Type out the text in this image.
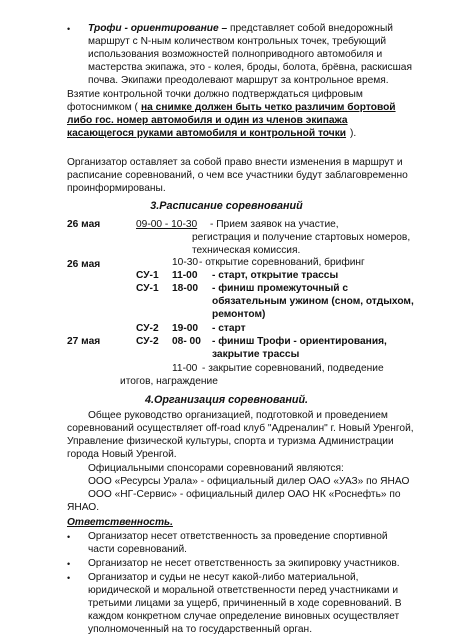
• Трофи - ориентирование – представляет собой внедорожный
маршрут с N-ным количеством контрольных точек, требующий
использования возможностей полноприводного автомобиля и
мастерства экипажа, это - колея, броды, болота, брёвна, раскисшая
почва. Экипажи преодолевают маршрут за контрольное время.
Взятие контрольной точки должно подтверждаться цифровым
фотоснимком ( на снимке должен быть четко различим бортовой
либо гос. номер автомобиля и один из членов экипажа
касающегося руками автомобиля и контрольной точки ).
Организатор оставляет за собой право внести изменения в маршрут и
расписание соревнований, о чем все участники будут заблаговременно
проинформированы.
3.Расписание соревнований
26 мая	09-00 - 10-30 - Прием заявок на участие,
регистрация и получение стартовых номеров,
техническая комиссия.
26 мая	10-30 - открытие соревнований, брифинг
СУ-1 11-00 - старт, открытие трассы
СУ-1 18-00 - финиш промежуточный с
обязательным ужином (сном, отдыхом,
ремонтом)
СУ-2 19-00 - старт
27 мая	СУ-2 08- 00 - финиш Трофи - ориентирования,
закрытие трассы
11-00 - закрытие соревнований, подведение
итогов, награждение
4.Организация соревнований.
Общее руководство организацией, подготовкой и проведением
соревнований осуществляет off-road клуб "Адреналин" г. Новый Уренгой,
Управление физической культуры, спорта и туризма Администрации
города Новый Уренгой.
Официальными спонсорами соревнований являются:
ООО «Ресурсы Урала» - официальный дилер ОАО «УАЗ» по ЯНАО
ООО «НГ-Сервис» - официальный дилер ОАО НК «Роснефть» по
ЯНАО.
Ответственность.
• Организатор несет ответственность за проведение спортивной
части соревнований.
• Организатор не несет ответственность за экипировку участников.
• Организатор и судьи не несут какой-либо материальной,
юридической и моральной ответственности перед участниками и
третьими лицами за ущерб, причиненный в ходе соревнований. В
каждом конкретном случае определение виновных осуществляет
уполномоченный на то государственный орган.
